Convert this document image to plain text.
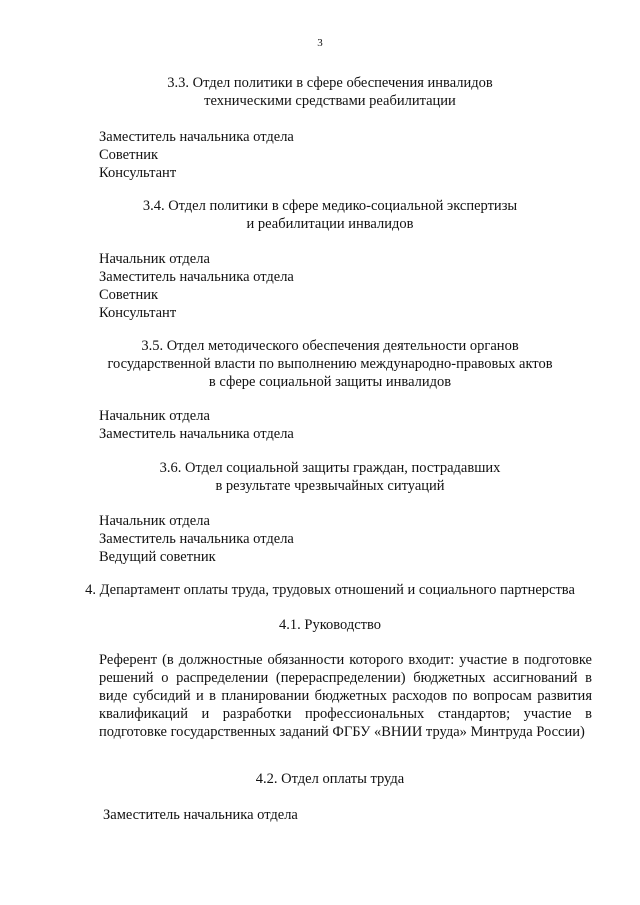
3
3.3. Отдел политики в сфере обеспечения инвалидов
техническими средствами реабилитации
Заместитель начальника отдела
Советник
Консультант
3.4. Отдел политики в сфере медико-социальной экспертизы
и реабилитации инвалидов
Начальник отдела
Заместитель начальника отдела
Советник
Консультант
3.5. Отдел методического обеспечения деятельности органов
государственной власти по выполнению международно-правовых актов
в сфере социальной защиты инвалидов
Начальник отдела
Заместитель начальника отдела
3.6. Отдел социальной защиты граждан, пострадавших
в результате чрезвычайных ситуаций
Начальник отдела
Заместитель начальника отдела
Ведущий советник
4. Департамент оплаты труда, трудовых отношений и социального партнерства
4.1. Руководство
Референт (в должностные обязанности которого входит: участие в подготовке решений о распределении (перераспределении) бюджетных ассигнований в виде субсидий и в планировании бюджетных расходов по вопросам развития квалификаций и разработки профессиональных стандартов; участие в подготовке государственных заданий ФГБУ «ВНИИ труда» Минтруда России)
4.2. Отдел оплаты труда
Заместитель начальника отдела
